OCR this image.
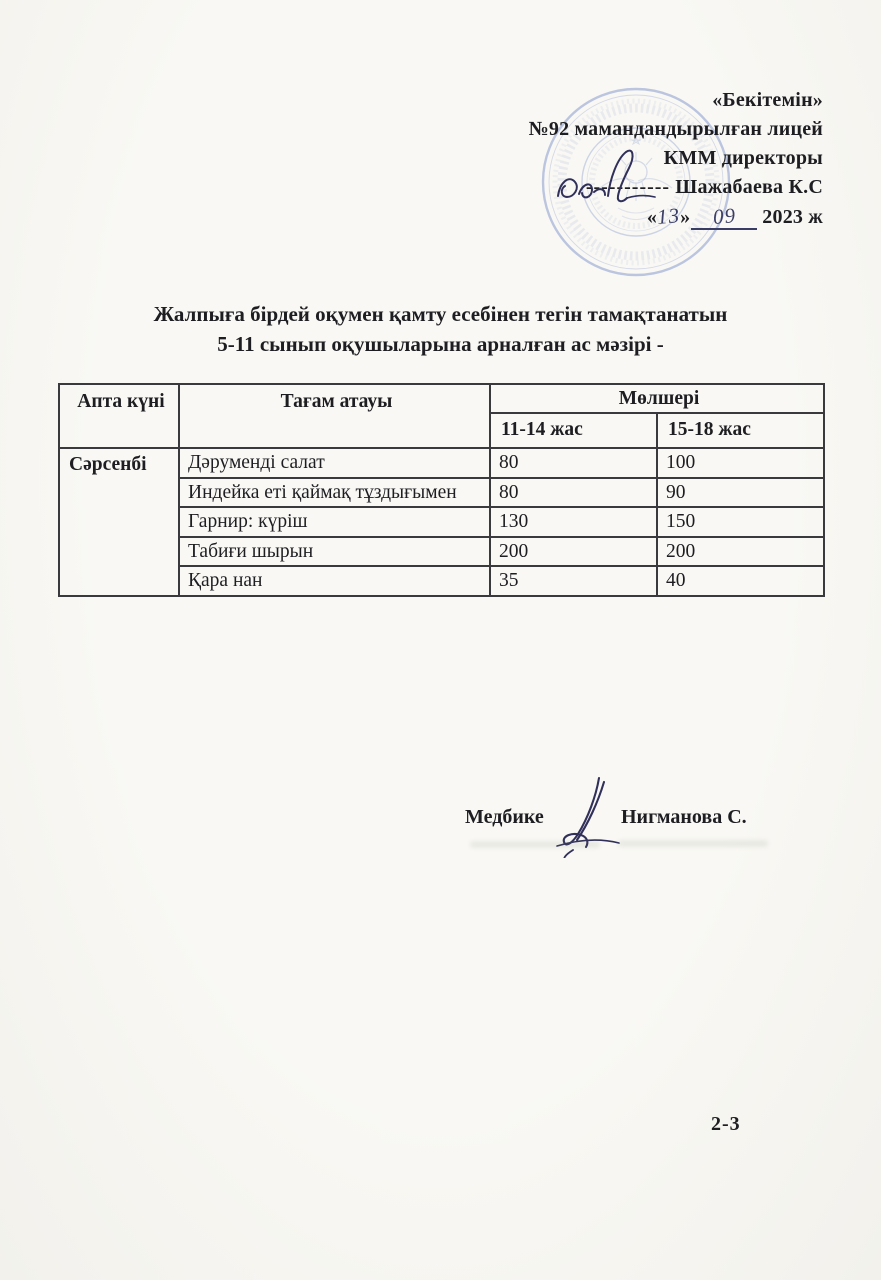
«Бекітемін»
№92 мамандандырылған лицей
КММ директоры
----------- Шажабаева К.С
«13» 09 2023 ж
Жалпыға бірдей оқумен қамту есебінен тегін тамақтанатын
5-11 сынып оқушыларына арналған ас мәзірі -
Апта күні	Тағам атауы	Мөлшері	
		11-14 жас	15-18 жас
Сәрсенбі	Дәруменді салат	80	100
	Индейка еті қаймақ тұздығымен	80	90
	Гарнир: күріш	130	150
	Табиғи шырын	200	200
	Қара нан	35	40
Медбике	Нигманова С.
2-3
